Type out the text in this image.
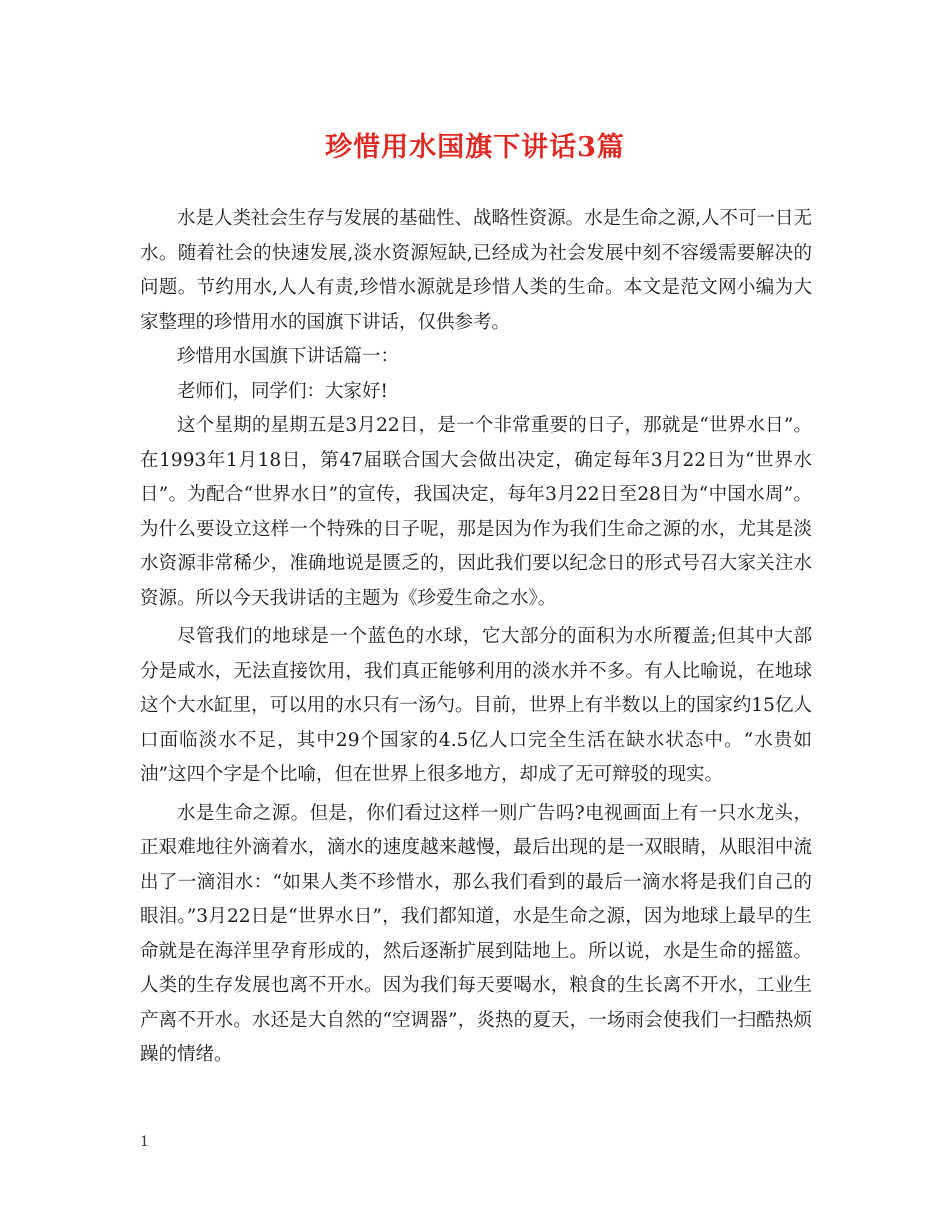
珍惜用水国旗下讲话3篇

水是人类社会生存与发展的基础性、战略性资源。水是生命之源,人不可一日无水。随着社会的快速发展,淡水资源短缺,已经成为社会发展中刻不容缓需要解决的问题。节约用水,人人有责,珍惜水源就是珍惜人类的生命。本文是范文网小编为大家整理的珍惜用水的国旗下讲话，仅供参考。

珍惜用水国旗下讲话篇一：

老师们，同学们：大家好!

这个星期的星期五是3月22日，是一个非常重要的日子，那就是“世界水日”。 在1993年1月18日，第47届联合国大会做出决定，确定每年3月22日为“世界水日”。为配合“世界水日”的宣传，我国决定，每年3月22日至28日为“中国水周”。为什么要设立这样一个特殊的日子呢，那是因为作为我们生命之源的水，尤其是淡水资源非常稀少，准确地说是匮乏的，因此我们要以纪念日的形式号召大家关注水资源。所以今天我讲话的主题为《珍爱生命之水》。

尽管我们的地球是一个蓝色的水球，它大部分的面积为水所覆盖;但其中大部分是咸水，无法直接饮用，我们真正能够利用的淡水并不多。有人比喻说，在地球这个大水缸里，可以用的水只有一汤勺。目前，世界上有半数以上的国家约15亿人口面临淡水不足，其中29个国家的4.5亿人口完全生活在缺水状态中。“水贵如油”这四个字是个比喻，但在世界上很多地方，却成了无可辩驳的现实。

水是生命之源。但是，你们看过这样一则广告吗?电视画面上有一只水龙头，正艰难地往外滴着水，滴水的速度越来越慢，最后出现的是一双眼睛，从眼泪中流出了一滴泪水：“如果人类不珍惜水，那么我们看到的最后一滴水将是我们自己的眼泪。”3月22日是“世界水日”，我们都知道，水是生命之源，因为地球上最早的生命就是在海洋里孕育形成的，然后逐渐扩展到陆地上。所以说，水是生命的摇篮。人类的生存发展也离不开水。因为我们每天要喝水，粮食的生长离不开水，工业生产离不开水。水还是大自然的“空调器”，炎热的夏天，一场雨会使我们一扫酷热烦躁的情绪。

1
